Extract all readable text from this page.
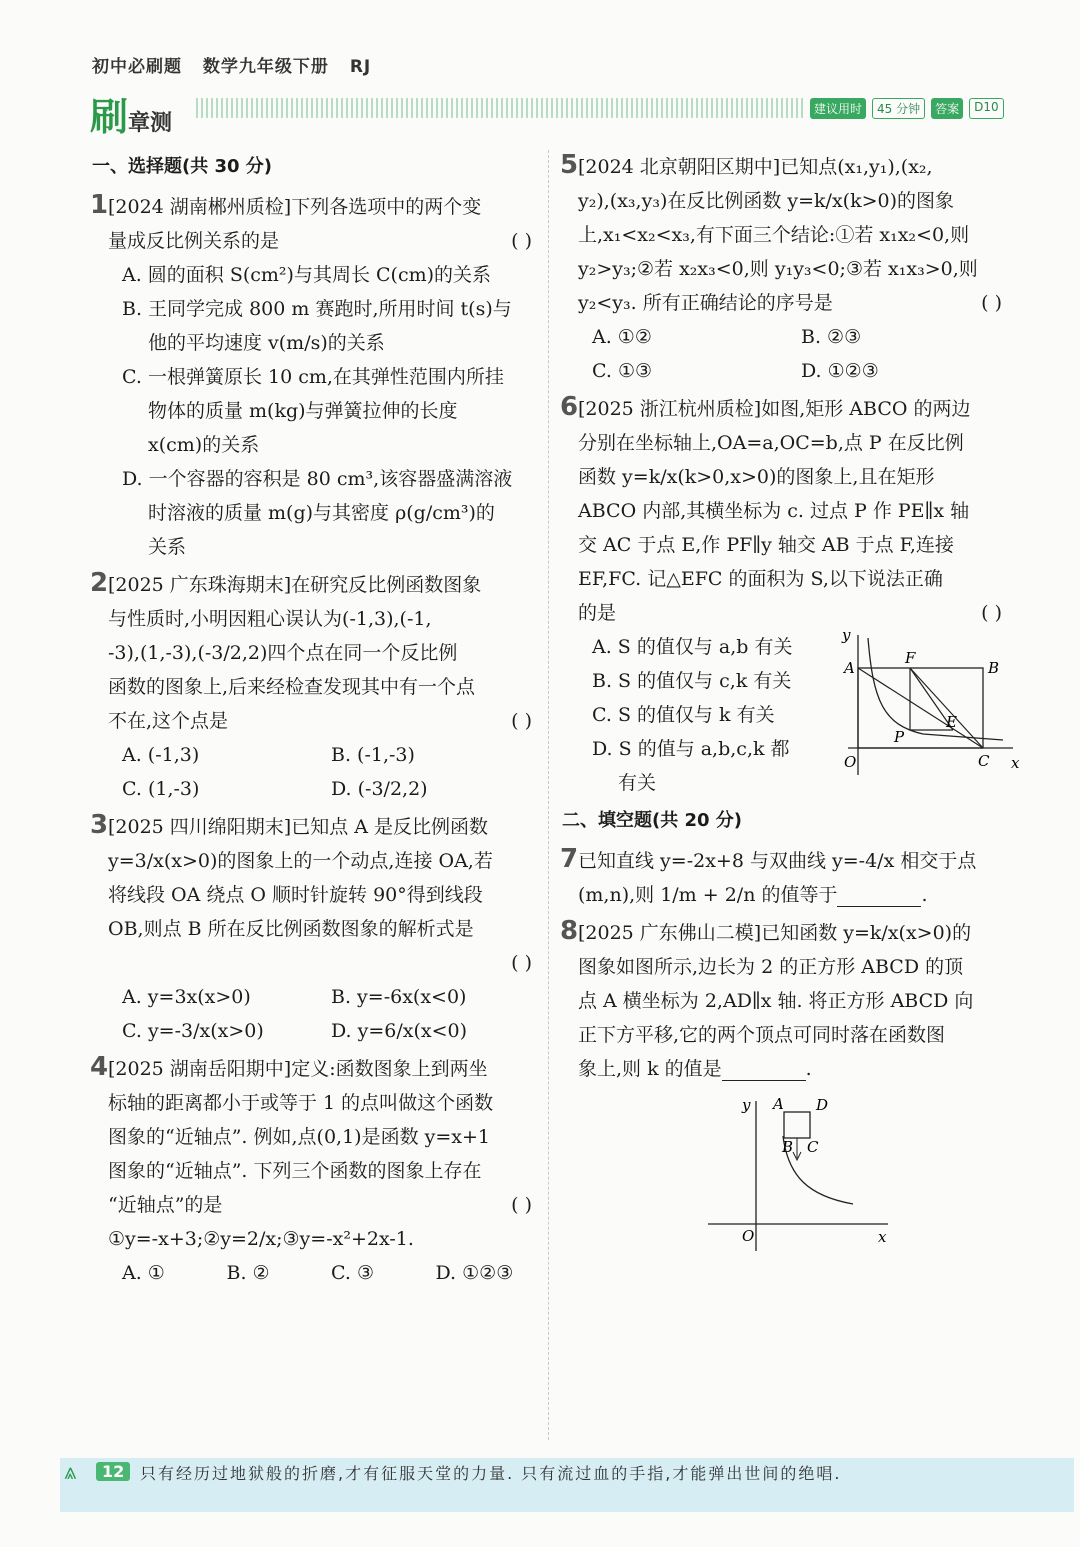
初中必刷题 数学九年级下册 RJ
刷章测
建议用时	45 分钟	答案	D10
一、选择题(共 30 分)
1 [2024 湖南郴州质检]下列各选项中的两个变
量成反比例关系的是	( )
A. 圆的面积 S(cm²)与其周长 C(cm)的关系
B. 王同学完成 800 m 赛跑时,所用时间 t(s)与
他的平均速度 v(m/s)的关系
C. 一根弹簧原长 10 cm,在其弹性范围内所挂
物体的质量 m(kg)与弹簧拉伸的长度
x(cm)的关系
D. 一个容器的容积是 80 cm³,该容器盛满溶液
时溶液的质量 m(g)与其密度 ρ(g/cm³)的
关系
2 [2025 广东珠海期末]在研究反比例函数图象
与性质时,小明因粗心误认为(-1,3),(-1,
-3),(1,-3),(-3/2,2)四个点在同一个反比例
函数的图象上,后来经检查发现其中有一个点
不在,这个点是	( )
A. (-1,3)	B. (-1,-3)
C. (1,-3)	D. (-3/2,2)
3 [2025 四川绵阳期末]已知点 A 是反比例函数
y=3/x(x>0)的图象上的一个动点,连接 OA,若
将线段 OA 绕点 O 顺时针旋转 90°得到线段
OB,则点 B 所在反比例函数图象的解析式是
( )
A. y=3x(x>0)	B. y=-6x(x<0)
C. y=-3/x(x>0)	D. y=6/x(x<0)
4 [2025 湖南岳阳期中]定义:函数图象上到两坐
标轴的距离都小于或等于 1 的点叫做这个函数
图象的“近轴点”. 例如,点(0,1)是函数 y=x+1
图象的“近轴点”. 下列三个函数的图象上存在
“近轴点”的是	( )
①y=-x+3;②y=2/x;③y=-x²+2x-1.
A. ①	B. ②	C. ③	D. ①②③
5 [2024 北京朝阳区期中]已知点(x₁,y₁),(x₂,
y₂),(x₃,y₃)在反比例函数 y=k/x(k>0)的图象
上,x₁<x₂<x₃,有下面三个结论:①若 x₁x₂<0,则
y₂>y₃;②若 x₂x₃<0,则 y₁y₃<0;③若 x₁x₃>0,则
y₂<y₃. 所有正确结论的序号是	( )
A. ①②	B. ②③
C. ①③	D. ①②③
6 [2025 浙江杭州质检]如图,矩形 ABCO 的两边
分别在坐标轴上,OA=a,OC=b,点 P 在反比例
函数 y=k/x(k>0,x>0)的图象上,且在矩形
ABCO 内部,其横坐标为 c. 过点 P 作 PE∥x 轴
交 AC 于点 E,作 PF∥y 轴交 AB 于点 F,连接
EF,FC. 记△EFC 的面积为 S,以下说法正确
的是	( )
A. S 的值仅与 a,b 有关
B. S 的值仅与 c,k 有关
C. S 的值仅与 k 有关
D. S 的值与 a,b,c,k 都
有关
y
x
O
A	B
C
F
E
P
二、填空题(共 20 分)
7 已知直线 y=-2x+8 与双曲线 y=-4/x 相交于点
(m,n),则 1/m + 2/n 的值等于	.
8 [2025 广东佛山二模]已知函数 y=k/x(x>0)的
图象如图所示,边长为 2 的正方形 ABCD 的顶
点 A 横坐标为 2,AD∥x 轴. 将正方形 ABCD 向
正下方平移,它的两个顶点可同时落在函数图
象上,则 k 的值是	.
y
x
O
A D
B C
⩓	12 只有经历过地狱般的折磨,才有征服天堂的力量. 只有流过血的手指,才能弹出世间的绝唱.
